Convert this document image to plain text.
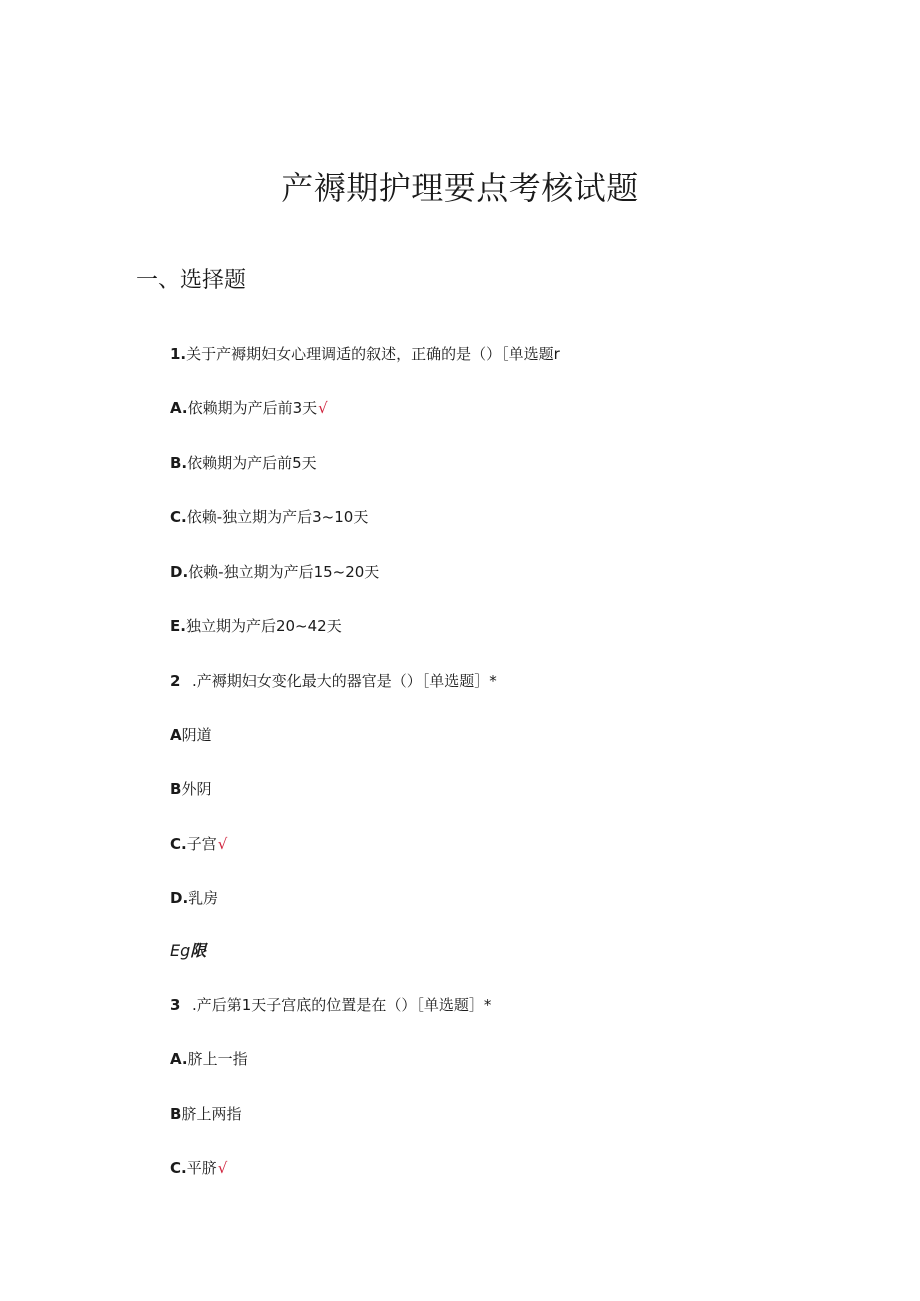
产褥期护理要点考核试题
一、选择题
1.关于产褥期妇女心理调适的叙述，正确的是（）［单选题r
A.依赖期为产后前3天√
B.依赖期为产后前5天
C.依赖-独立期为产后3~10天
D.依赖-独立期为产后15~20天
E.独立期为产后20~42天
2 .产褥期妇女变化最大的器官是（）［单选题］*
A阴道
B外阴
C.子宫√
D.乳房
Eg限
3 .产后第1天子宫底的位置是在（）［单选题］*
A.脐上一指
B脐上两指
C.平脐√
